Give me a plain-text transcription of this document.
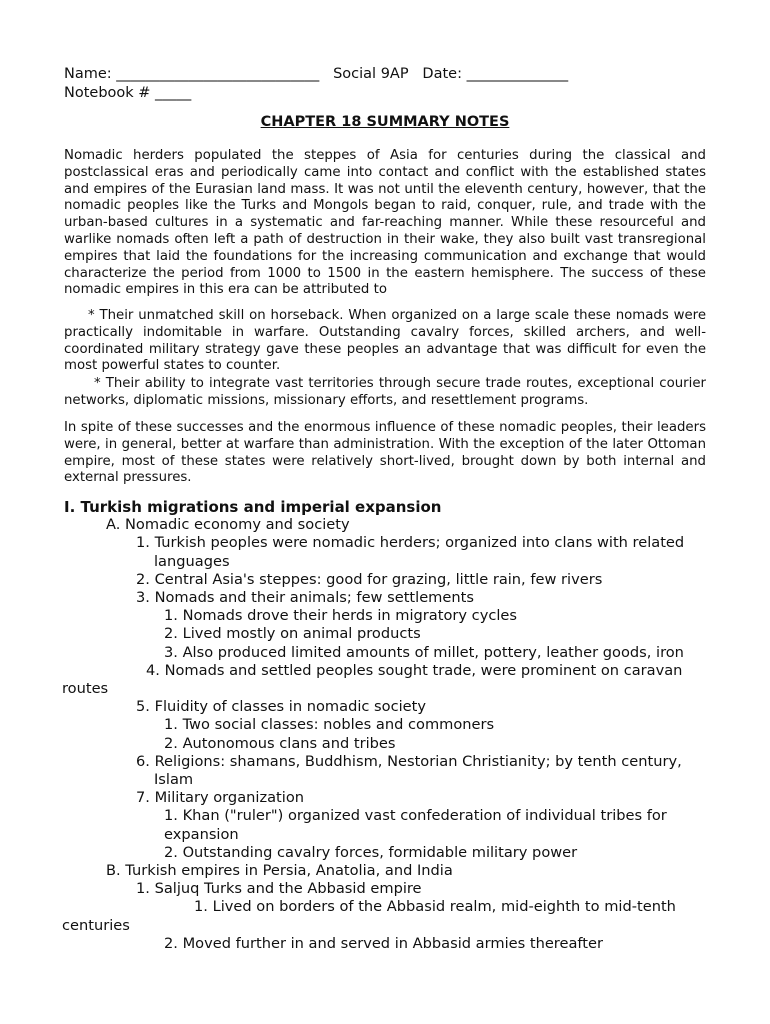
Name: ____________________________   Social 9AP   Date: ______________
Notebook # _____
CHAPTER 18 SUMMARY NOTES

Nomadic herders populated the steppes of Asia for centuries during the classical and postclassical eras and periodically came into contact and conflict with the established states and empires of the Eurasian land mass. It was not until the eleventh century, however, that the nomadic peoples like the Turks and Mongols began to raid, conquer, rule, and trade with the urban-based cultures in a systematic and far-reaching manner. While these resourceful and warlike nomads often left a path of destruction in their wake, they also built vast transregional empires that laid the foundations for the increasing communication and exchange that would characterize the period from 1000 to 1500 in the eastern hemisphere. The success of these nomadic empires in this era can be attributed to

* Their unmatched skill on horseback. When organized on a large scale these nomads were practically indomitable in warfare. Outstanding cavalry forces, skilled archers, and well-coordinated military strategy gave these peoples an advantage that was difficult for even the most powerful states to counter.

* Their ability to integrate vast territories through secure trade routes, exceptional courier networks, diplomatic missions, missionary efforts, and resettlement programs.

In spite of these successes and the enormous influence of these nomadic peoples, their leaders were, in general, better at warfare than administration. With the exception of the later Ottoman empire, most of these states were relatively short-lived, brought down by both internal and external pressures.

I. Turkish migrations and imperial expansion
A. Nomadic economy and society
1. Turkish peoples were nomadic herders; organized into clans with related
languages
2. Central Asia's steppes: good for grazing, little rain, few rivers
3. Nomads and their animals; few settlements
1. Nomads drove their herds in migratory cycles
2. Lived mostly on animal products
3. Also produced limited amounts of millet, pottery, leather goods, iron
4. Nomads and settled peoples sought trade, were prominent on caravan
routes
5. Fluidity of classes in nomadic society
1. Two social classes: nobles and commoners
2. Autonomous clans and tribes
6. Religions: shamans, Buddhism, Nestorian Christianity; by tenth century,
Islam
7. Military organization
1. Khan ("ruler") organized vast confederation of individual tribes for
expansion
2. Outstanding cavalry forces, formidable military power
B. Turkish empires in Persia, Anatolia, and India
1. Saljuq Turks and the Abbasid empire
1. Lived on borders of the Abbasid realm, mid-eighth to mid-tenth
centuries
2. Moved further in and served in Abbasid armies thereafter
